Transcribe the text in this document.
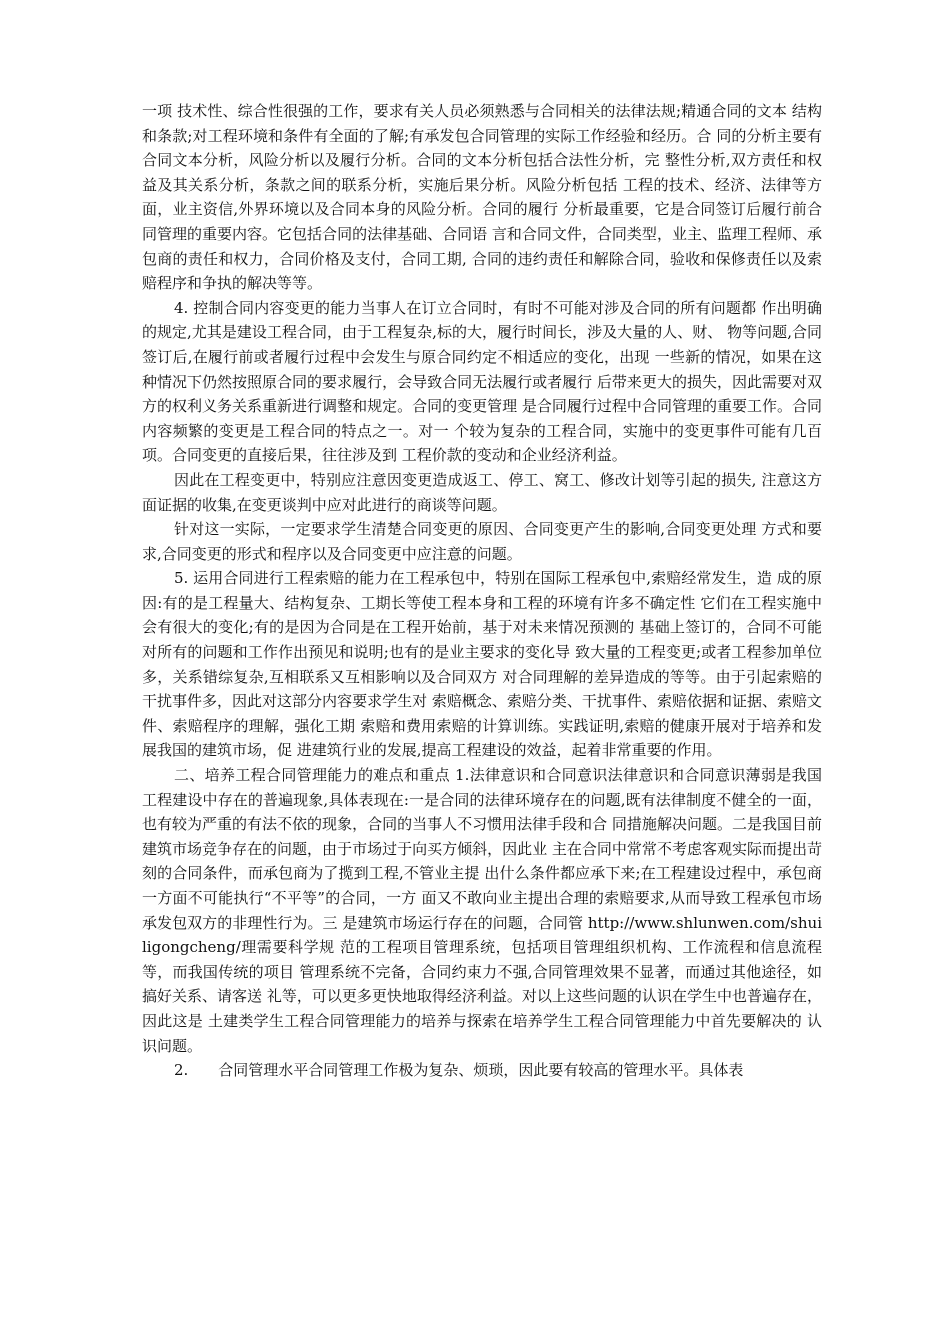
一项 技术性、综合性很强的工作，要求有关人员必须熟悉与合同相关的法律法规;精通合同的文本 结构和条款;对工程环境和条件有全面的了解;有承发包合同管理的实际工作经验和经历。合 同的分析主要有合同文本分析，风险分析以及履行分析。合同的文本分析包括合法性分析，完 整性分析,双方责任和权益及其关系分析，条款之间的联系分析，实施后果分析。风险分析包括 工程的技术、经济、法律等方面，业主资信,外界环境以及合同本身的风险分析。合同的履行 分析最重要，它是合同签订后履行前合同管理的重要内容。它包括合同的法律基础、合同语 言和合同文件，合同类型，业主、监理工程师、承包商的责任和权力，合同价格及支付，合同工期, 合同的违约责任和解除合同，验收和保修责任以及索赔程序和争执的解决等等。

4. 控制合同内容变更的能力当事人在订立合同时，有时不可能对涉及合同的所有问题都 作出明确的规定,尤其是建设工程合同，由于工程复杂,标的大，履行时间长，涉及大量的人、财、 物等问题,合同签订后,在履行前或者履行过程中会发生与原合同约定不相适应的变化，出现 一些新的情况，如果在这种情况下仍然按照原合同的要求履行，会导致合同无法履行或者履行 后带来更大的损失，因此需要对双方的权利义务关系重新进行调整和规定。合同的变更管理 是合同履行过程中合同管理的重要工作。合同内容频繁的变更是工程合同的特点之一。对一 个较为复杂的工程合同，实施中的变更事件可能有几百项。合同变更的直接后果，往往涉及到 工程价款的变动和企业经济利益。

因此在工程变更中，特别应注意因变更造成返工、停工、窝工、修改计划等引起的损失, 注意这方面证据的收集,在变更谈判中应对此进行的商谈等问题。

针对这一实际，一定要求学生清楚合同变更的原因、合同变更产生的影响,合同变更处理 方式和要求,合同变更的形式和程序以及合同变更中应注意的问题。

5. 运用合同进行工程索赔的能力在工程承包中，特别在国际工程承包中,索赔经常发生，造 成的原因:有的是工程量大、结构复杂、工期长等使工程本身和工程的环境有许多不确定性 它们在工程实施中会有很大的变化;有的是因为合同是在工程开始前，基于对未来情况预测的 基础上签订的，合同不可能对所有的问题和工作作出预见和说明;也有的是业主要求的变化导 致大量的工程变更;或者工程参加单位多，关系错综复杂,互相联系又互相影响以及合同双方 对合同理解的差异造成的等等。由于引起索赔的干扰事件多，因此对这部分内容要求学生对 索赔概念、索赔分类、干扰事件、索赔依据和证据、索赔文件、索赔程序的理解，强化工期 索赔和费用索赔的计算训练。实践证明,索赔的健康开展对于培养和发展我国的建筑市场，促 进建筑行业的发展,提高工程建设的效益，起着非常重要的作用。

二、培养工程合同管理能力的难点和重点 1.法律意识和合同意识法律意识和合同意识薄弱是我国工程建设中存在的普遍现象,具体表现在:一是合同的法律环境存在的问题,既有法律制度不健全的一面，也有较为严重的有法不依的现象，合同的当事人不习惯用法律手段和合 同措施解决问题。二是我国目前建筑市场竞争存在的问题，由于市场过于向买方倾斜，因此业 主在合同中常常不考虑客观实际而提出苛刻的合同条件，而承包商为了揽到工程,不管业主提 出什么条件都应承下来;在工程建设过程中，承包商一方面不可能执行“不平等”的合同，一方 面又不敢向业主提出合理的索赔要求,从而导致工程承包市场承发包双方的非理性行为。三 是建筑市场运行存在的问题，合同管 http://www.shlunwen.com/shuiligongcheng/理需要科学规 范的工程项目管理系统，包括项目管理组织机构、工作流程和信息流程等，而我国传统的项目 管理系统不完备，合同约束力不强,合同管理效果不显著，而通过其他途径，如搞好关系、请客送 礼等，可以更多更快地取得经济利益。对以上这些问题的认识在学生中也普遍存在，因此这是 土建类学生工程合同管理能力的培养与探索在培养学生工程合同管理能力中首先要解决的 认识问题。

2.　　合同管理水平合同管理工作极为复杂、烦琐，因此要有较高的管理水平。具体表
